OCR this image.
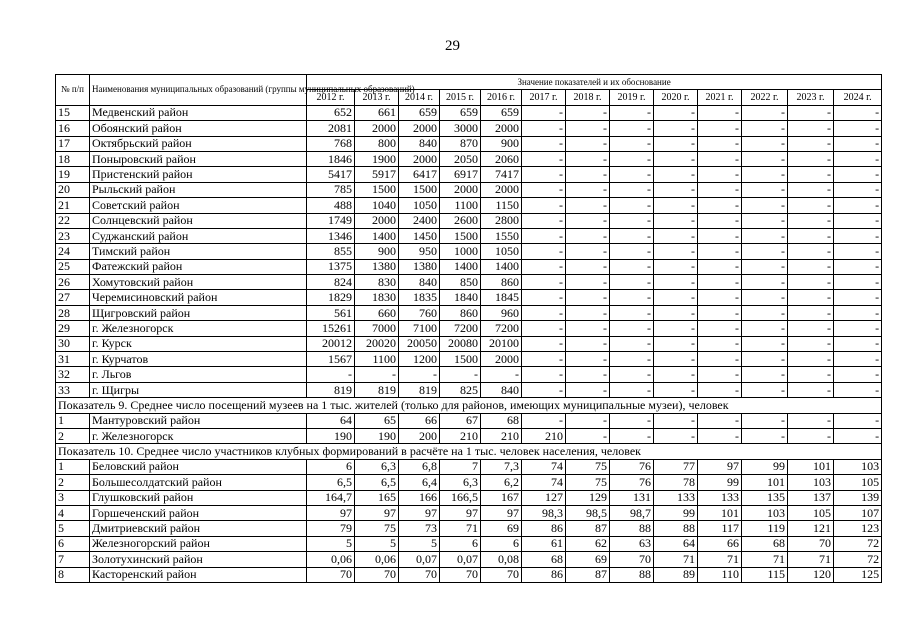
29
№ п/п	Наименования муниципальных образований (группы муниципальных образований)	Значение показателей и их обоснование												
		2012 г.	2013 г.	2014 г.	2015 г.	2016 г.	2017 г.	2018 г.	2019 г.	2020 г.	2021 г.	2022 г.	2023 г.	2024 г.
15	Медвенский район	652	661	659	659	659	-	-	-	-	-	-	-	-
16	Обоянский район	2081	2000	2000	3000	2000	-	-	-	-	-	-	-	-
17	Октябрьский район	768	800	840	870	900	-	-	-	-	-	-	-	-
18	Поныровский район	1846	1900	2000	2050	2060	-	-	-	-	-	-	-	-
19	Пристенский район	5417	5917	6417	6917	7417	-	-	-	-	-	-	-	-
20	Рыльский район	785	1500	1500	2000	2000	-	-	-	-	-	-	-	-
21	Советский район	488	1040	1050	1100	1150	-	-	-	-	-	-	-	-
22	Солнцевский район	1749	2000	2400	2600	2800	-	-	-	-	-	-	-	-
23	Суджанский район	1346	1400	1450	1500	1550	-	-	-	-	-	-	-	-
24	Тимский район	855	900	950	1000	1050	-	-	-	-	-	-	-	-
25	Фатежский район	1375	1380	1380	1400	1400	-	-	-	-	-	-	-	-
26	Хомутовский район	824	830	840	850	860	-	-	-	-	-	-	-	-
27	Черемисиновский район	1829	1830	1835	1840	1845	-	-	-	-	-	-	-	-
28	Щигровский район	561	660	760	860	960	-	-	-	-	-	-	-	-
29	г. Железногорск	15261	7000	7100	7200	7200	-	-	-	-	-	-	-	-
30	г. Курск	20012	20020	20050	20080	20100	-	-	-	-	-	-	-	-
31	г. Курчатов	1567	1100	1200	1500	2000	-	-	-	-	-	-	-	-
32	г. Льгов	-	-	-	-	-	-	-	-	-	-	-	-	-
33	г. Щигры	819	819	819	825	840	-	-	-	-	-	-	-	-
Показатель 9. Среднее число посещений музеев на 1 тыс. жителей (только для районов, имеющих муниципальные музеи), человек														
1	Мантуровский район	64	65	66	67	68	-	-	-	-	-	-	-	-
2	г. Железногорск	190	190	200	210	210	210	-	-	-	-	-	-	-
Показатель 10. Среднее число участников клубных формирований в расчёте на 1 тыс. человек населения, человек														
1	Беловский район	6	6,3	6,8	7	7,3	74	75	76	77	97	99	101	103
2	Большесолдатский район	6,5	6,5	6,4	6,3	6,2	74	75	76	78	99	101	103	105
3	Глушковский район	164,7	165	166	166,5	167	127	129	131	133	133	135	137	139
4	Горшеченский район	97	97	97	97	97	98,3	98,5	98,7	99	101	103	105	107
5	Дмитриевский район	79	75	73	71	69	86	87	88	88	117	119	121	123
6	Железногорский район	5	5	5	6	6	61	62	63	64	66	68	70	72
7	Золотухинский район	0,06	0,06	0,07	0,07	0,08	68	69	70	71	71	71	71	72
8	Касторенский район	70	70	70	70	70	86	87	88	89	110	115	120	125
